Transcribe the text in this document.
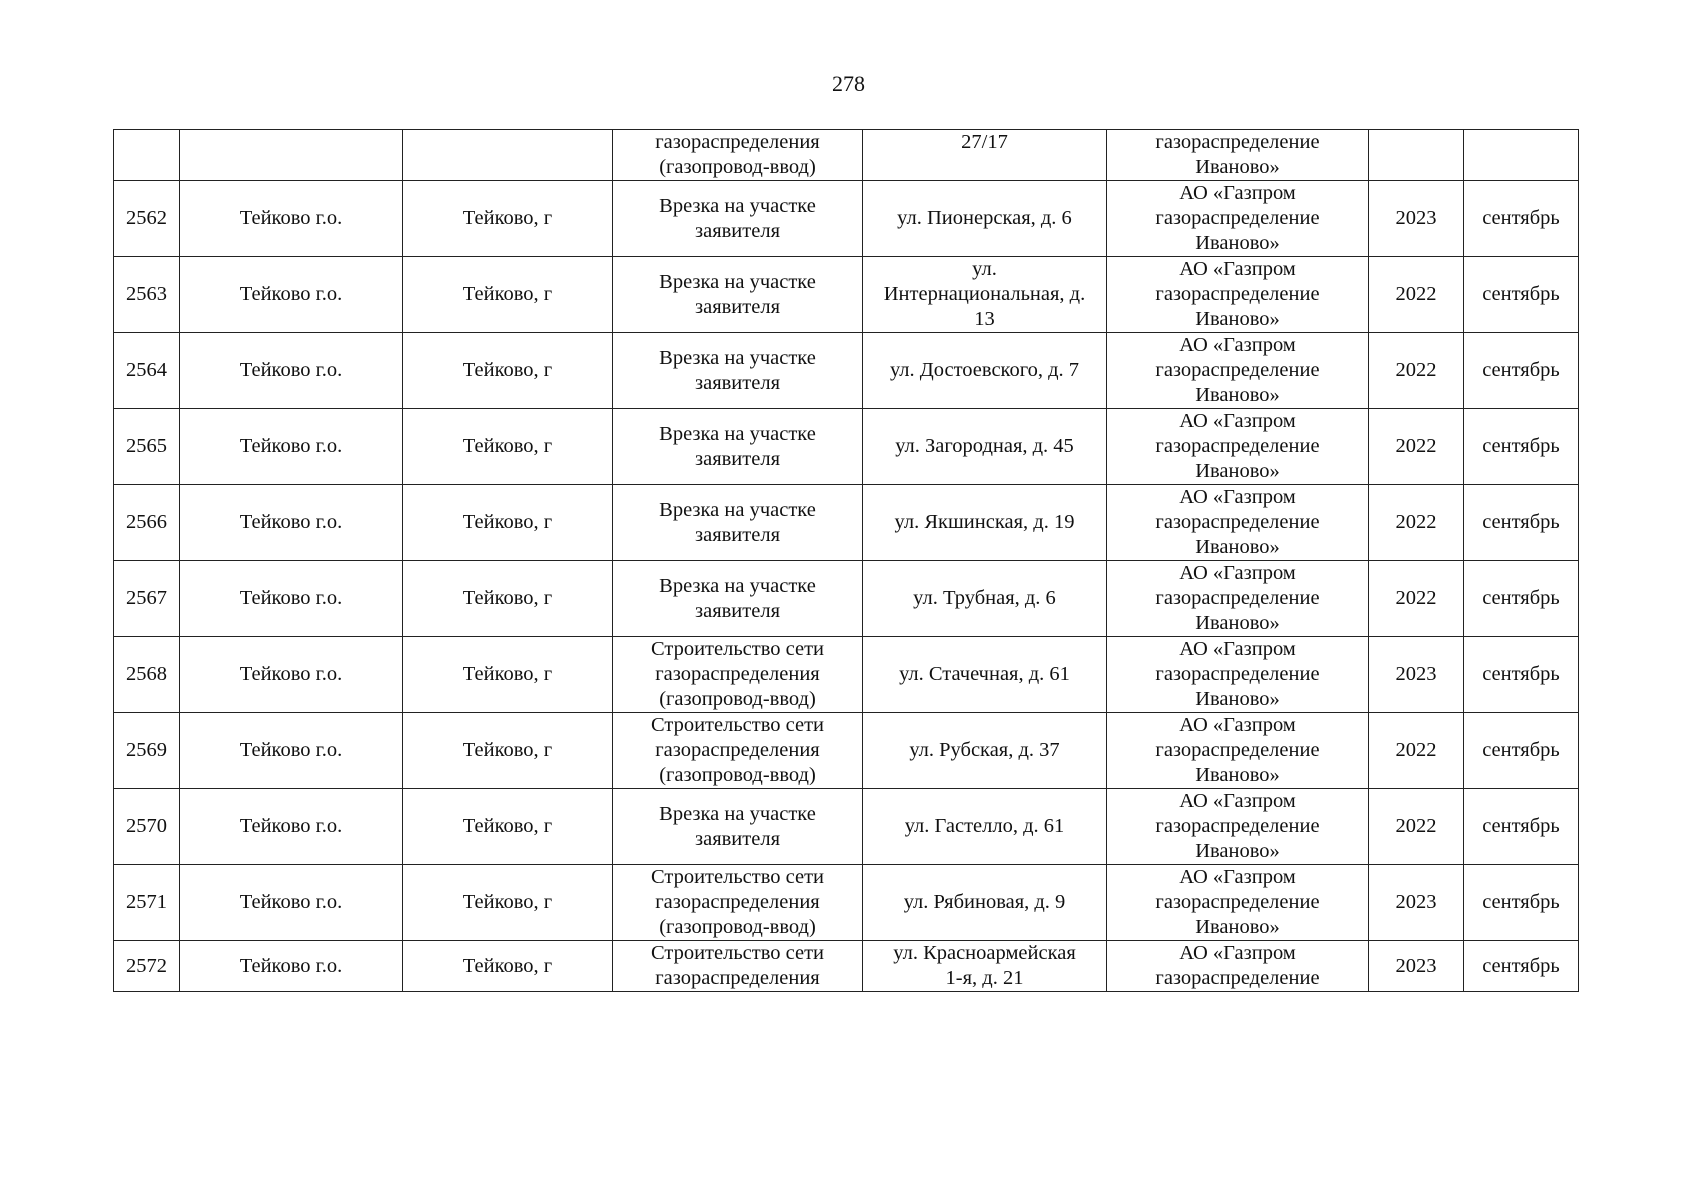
278

			газораспределения
(газопровод-ввод)	27/17	газораспределение
Иваново»		

2562	Тейково г.о.	Тейково, г	Врезка на участке
заявителя	ул. Пионерская, д. 6	АО «Газпром
газораспределение
Иваново»	2023	сентябрь

2563	Тейково г.о.	Тейково, г	Врезка на участке
заявителя	ул.
Интернациональная, д.
13	АО «Газпром
газораспределение
Иваново»	2022	сентябрь

2564	Тейково г.о.	Тейково, г	Врезка на участке
заявителя	ул. Достоевского, д. 7	АО «Газпром
газораспределение
Иваново»	2022	сентябрь

2565	Тейково г.о.	Тейково, г	Врезка на участке
заявителя	ул. Загородная, д. 45	АО «Газпром
газораспределение
Иваново»	2022	сентябрь

2566	Тейково г.о.	Тейково, г	Врезка на участке
заявителя	ул. Якшинская, д. 19	АО «Газпром
газораспределение
Иваново»	2022	сентябрь

2567	Тейково г.о.	Тейково, г	Врезка на участке
заявителя	ул. Трубная, д. 6	АО «Газпром
газораспределение
Иваново»	2022	сентябрь

2568	Тейково г.о.	Тейково, г	Строительство сети
газораспределения
(газопровод-ввод)	ул. Стачечная, д. 61	АО «Газпром
газораспределение
Иваново»	2023	сентябрь

2569	Тейково г.о.	Тейково, г	Строительство сети
газораспределения
(газопровод-ввод)	ул. Рубская, д. 37	АО «Газпром
газораспределение
Иваново»	2022	сентябрь

2570	Тейково г.о.	Тейково, г	Врезка на участке
заявителя	ул. Гастелло, д. 61	АО «Газпром
газораспределение
Иваново»	2022	сентябрь

2571	Тейково г.о.	Тейково, г	Строительство сети
газораспределения
(газопровод-ввод)	ул. Рябиновая, д. 9	АО «Газпром
газораспределение
Иваново»	2023	сентябрь

2572	Тейково г.о.	Тейково, г	Строительство сети
газораспределения	ул. Красноармейская
1-я, д. 21	АО «Газпром
газораспределение	2023	сентябрь
